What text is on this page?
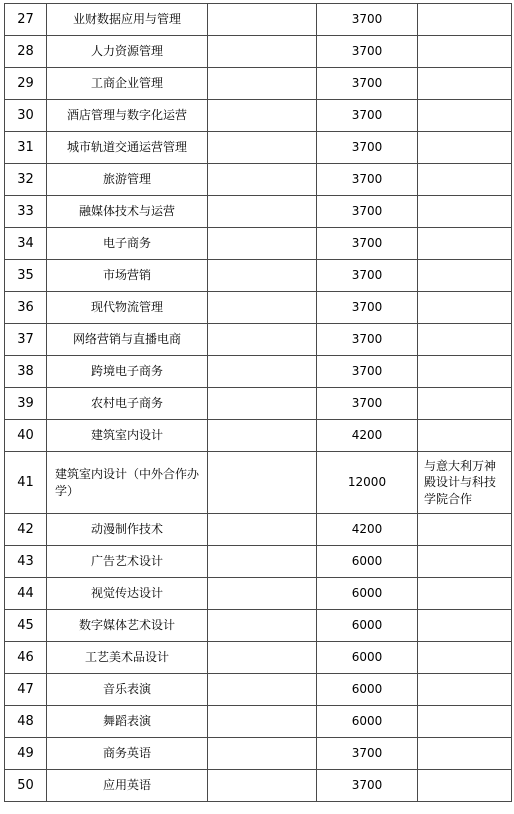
27	业财数据应用与管理		3700	
28	人力资源管理		3700	
29	工商企业管理		3700	
30	酒店管理与数字化运营		3700	
31	城市轨道交通运营管理		3700	
32	旅游管理		3700	
33	融媒体技术与运营		3700	
34	电子商务		3700	
35	市场营销		3700	
36	现代物流管理		3700	
37	网络营销与直播电商		3700	
38	跨境电子商务		3700	
39	农村电子商务		3700	
40	建筑室内设计		4200	
41	建筑室内设计（中外合作办学）		12000	与意大利万神殿设计与科技学院合作
42	动漫制作技术		4200	
43	广告艺术设计		6000	
44	视觉传达设计		6000	
45	数字媒体艺术设计		6000	
46	工艺美术品设计		6000	
47	音乐表演		6000	
48	舞蹈表演		6000	
49	商务英语		3700	
50	应用英语		3700	
